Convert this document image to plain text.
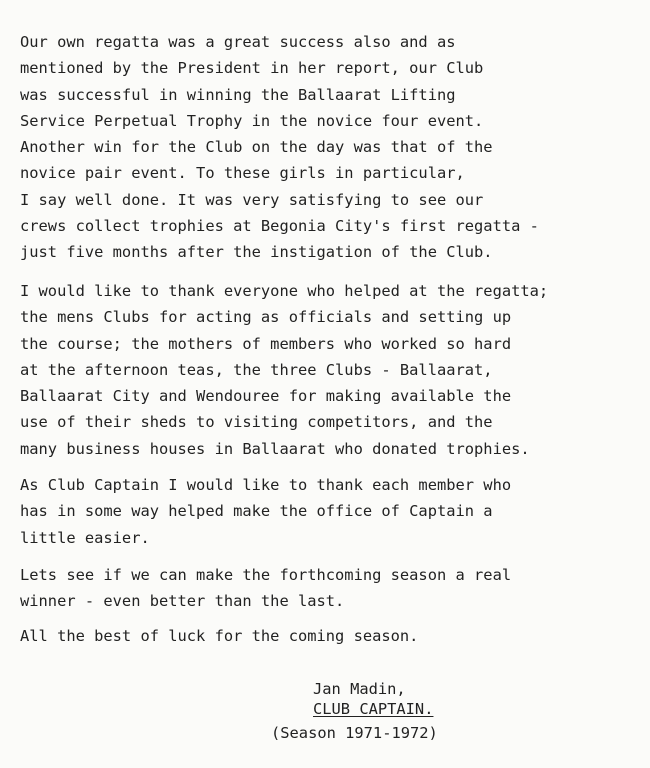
Our own regatta was a great success also and as
mentioned by the President in her report, our Club
was successful in winning the Ballaarat Lifting
Service Perpetual Trophy in the novice four event.
Another win for the Club on the day was that of the
novice pair event. To these girls in particular,
I say well done. It was very satisfying to see our
crews collect trophies at Begonia City's first regatta -
just five months after the instigation of the Club.

I would like to thank everyone who helped at the regatta;
the mens Clubs for acting as officials and setting up
the course; the mothers of members who worked so hard
at the afternoon teas, the three Clubs - Ballaarat,
Ballaarat City and Wendouree for making available the
use of their sheds to visiting competitors, and the
many business houses in Ballaarat who donated trophies.

As Club Captain I would like to thank each member who
has in some way helped make the office of Captain a
little easier.

Lets see if we can make the forthcoming season a real
winner - even better than the last.

All the best of luck for the coming season.

Jan Madin,

CLUB CAPTAIN.

(Season 1971-1972)
